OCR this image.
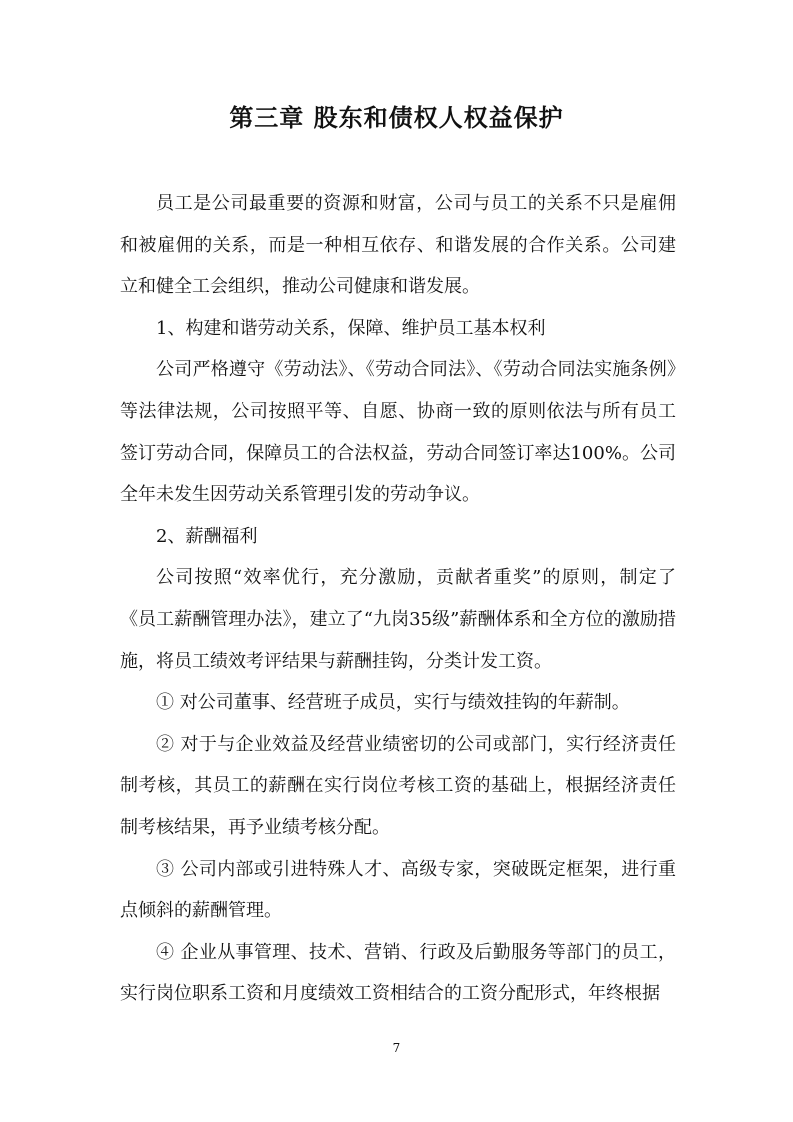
第三章 股东和债权人权益保护

员工是公司最重要的资源和财富，公司与员工的关系不只是雇佣和被雇佣的关系，而是一种相互依存、和谐发展的合作关系。公司建立和健全工会组织，推动公司健康和谐发展。

1、构建和谐劳动关系，保障、维护员工基本权利

公司严格遵守《劳动法》、《劳动合同法》、《劳动合同法实施条例》等法律法规，公司按照平等、自愿、协商一致的原则依法与所有员工签订劳动合同，保障员工的合法权益，劳动合同签订率达100%。公司全年未发生因劳动关系管理引发的劳动争议。

2、薪酬福利

公司按照“效率优行，充分激励，贡献者重奖”的原则，制定了《员工薪酬管理办法》，建立了“九岗35级”薪酬体系和全方位的激励措施，将员工绩效考评结果与薪酬挂钩，分类计发工资。

① 对公司董事、经营班子成员，实行与绩效挂钩的年薪制。

② 对于与企业效益及经营业绩密切的公司或部门，实行经济责任制考核，其员工的薪酬在实行岗位考核工资的基础上，根据经济责任制考核结果，再予业绩考核分配。

③ 公司内部或引进特殊人才、高级专家，突破既定框架，进行重点倾斜的薪酬管理。

④ 企业从事管理、技术、营销、行政及后勤服务等部门的员工，实行岗位职系工资和月度绩效工资相结合的工资分配形式，年终根据

7
